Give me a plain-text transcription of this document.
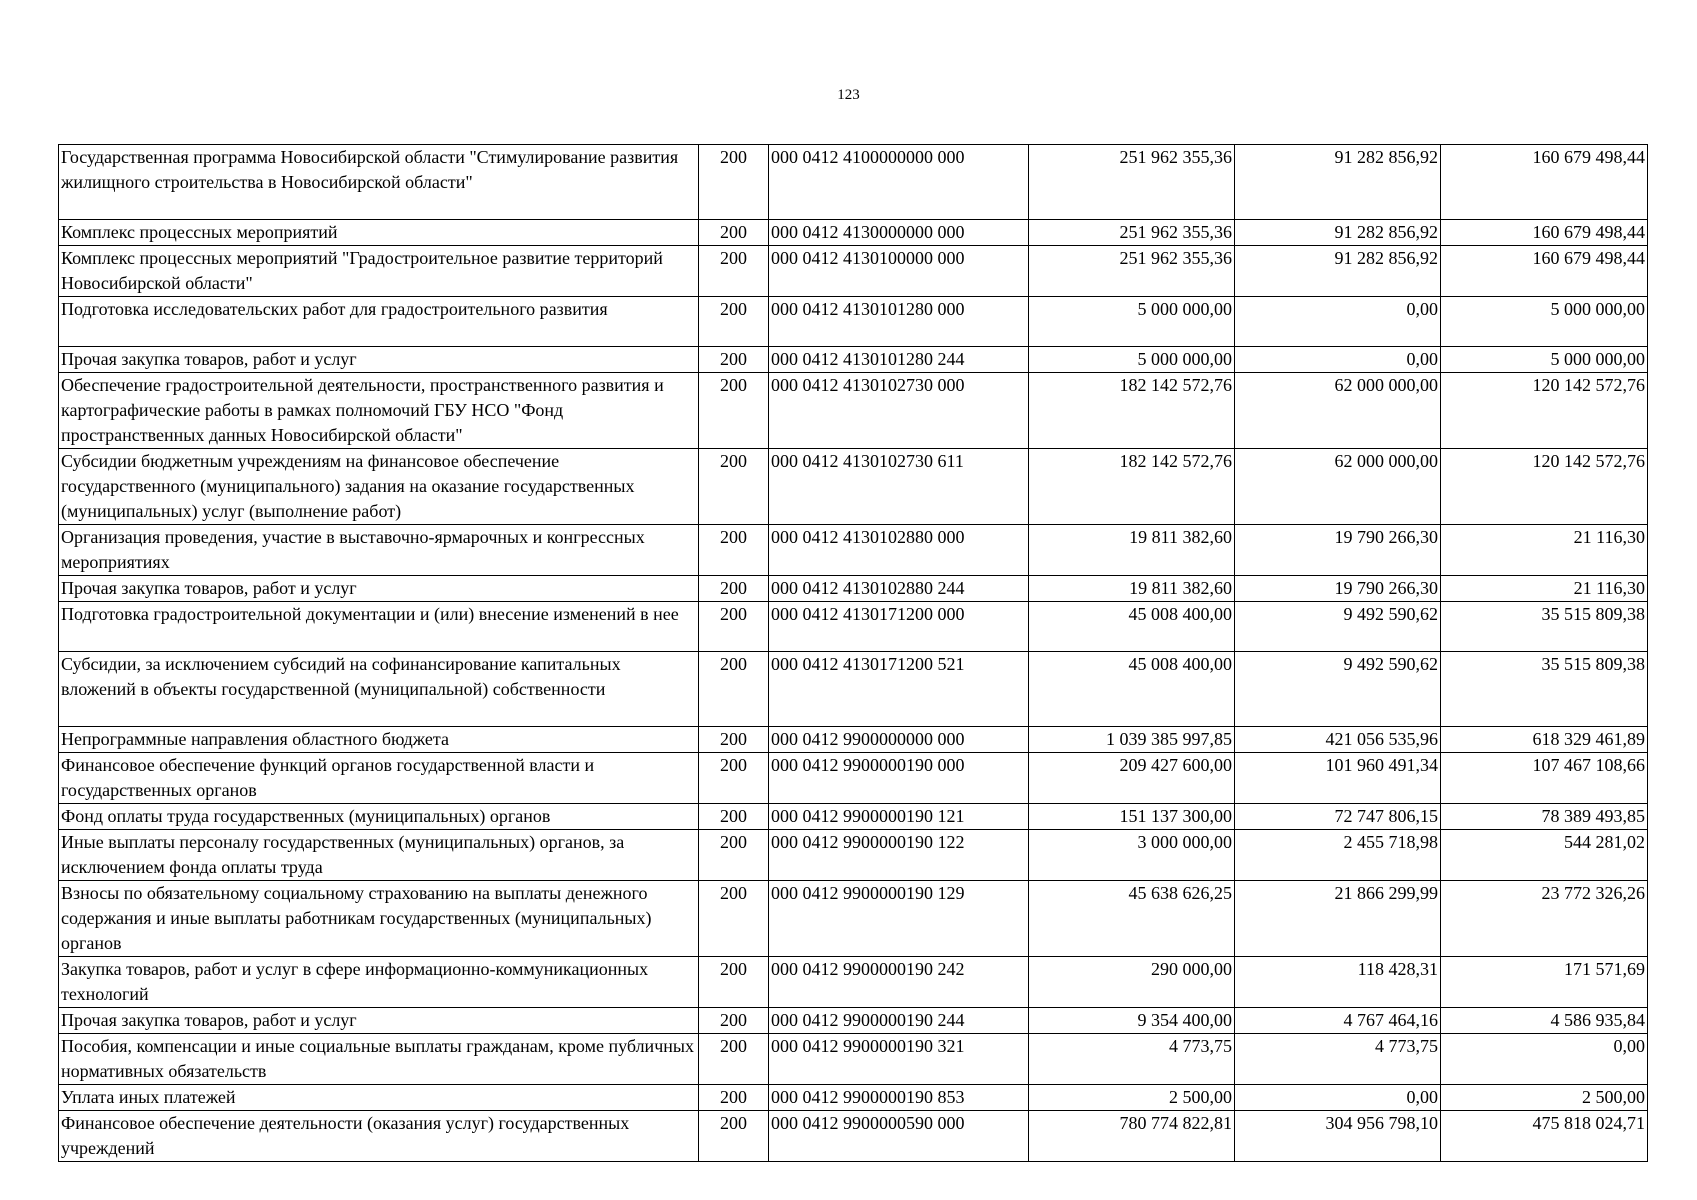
123
Государственная программа Новосибирской области "Стимулирование развития жилищного строительства в Новосибирской области"	200	000 0412 4100000000 000	251 962 355,36	91 282 856,92	160 679 498,44
Комплекс процессных мероприятий	200	000 0412 4130000000 000	251 962 355,36	91 282 856,92	160 679 498,44
Комплекс процессных мероприятий "Градостроительное развитие территорий Новосибирской области"	200	000 0412 4130100000 000	251 962 355,36	91 282 856,92	160 679 498,44
Подготовка исследовательских работ для градостроительного развития	200	000 0412 4130101280 000	5 000 000,00	0,00	5 000 000,00
Прочая закупка товаров, работ и услуг	200	000 0412 4130101280 244	5 000 000,00	0,00	5 000 000,00
Обеспечение градостроительной деятельности, пространственного развития и картографические работы в рамках полномочий ГБУ НСО "Фонд пространственных данных Новосибирской области"	200	000 0412 4130102730 000	182 142 572,76	62 000 000,00	120 142 572,76
Субсидии бюджетным учреждениям на финансовое обеспечение государственного (муниципального) задания на оказание государственных (муниципальных) услуг (выполнение работ)	200	000 0412 4130102730 611	182 142 572,76	62 000 000,00	120 142 572,76
Организация проведения, участие в выставочно-ярмарочных и конгрессных мероприятиях	200	000 0412 4130102880 000	19 811 382,60	19 790 266,30	21 116,30
Прочая закупка товаров, работ и услуг	200	000 0412 4130102880 244	19 811 382,60	19 790 266,30	21 116,30
Подготовка градостроительной документации и (или) внесение изменений в нее	200	000 0412 4130171200 000	45 008 400,00	9 492 590,62	35 515 809,38
Субсидии, за исключением субсидий на софинансирование капитальных вложений в объекты государственной (муниципальной) собственности	200	000 0412 4130171200 521	45 008 400,00	9 492 590,62	35 515 809,38
Непрограммные направления областного бюджета	200	000 0412 9900000000 000	1 039 385 997,85	421 056 535,96	618 329 461,89
Финансовое обеспечение функций органов государственной власти и государственных органов	200	000 0412 9900000190 000	209 427 600,00	101 960 491,34	107 467 108,66
Фонд оплаты труда государственных (муниципальных) органов	200	000 0412 9900000190 121	151 137 300,00	72 747 806,15	78 389 493,85
Иные выплаты персоналу государственных (муниципальных) органов, за исключением фонда оплаты труда	200	000 0412 9900000190 122	3 000 000,00	2 455 718,98	544 281,02
Взносы по обязательному социальному страхованию на выплаты денежного содержания и иные выплаты работникам государственных (муниципальных) органов	200	000 0412 9900000190 129	45 638 626,25	21 866 299,99	23 772 326,26
Закупка товаров, работ и услуг в сфере информационно-коммуникационных технологий	200	000 0412 9900000190 242	290 000,00	118 428,31	171 571,69
Прочая закупка товаров, работ и услуг	200	000 0412 9900000190 244	9 354 400,00	4 767 464,16	4 586 935,84
Пособия, компенсации и иные социальные выплаты гражданам, кроме публичных нормативных обязательств	200	000 0412 9900000190 321	4 773,75	4 773,75	0,00
Уплата иных платежей	200	000 0412 9900000190 853	2 500,00	0,00	2 500,00
Финансовое обеспечение деятельности (оказания услуг) государственных учреждений	200	000 0412 9900000590 000	780 774 822,81	304 956 798,10	475 818 024,71
